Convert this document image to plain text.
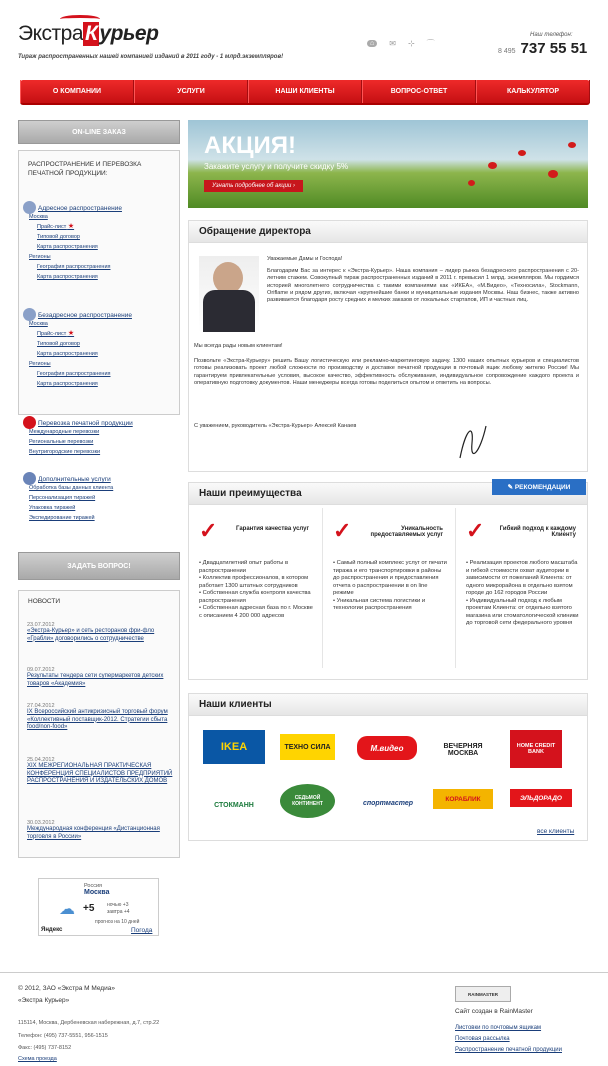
Экстра К урьер
Тираж распространенных нашей компанией изданий в 2011 году - 1 млрд.экземпляров!
⌂	✉ ⊹ ⌒
Наш телефон:
8 495 737 55 51
О КОМПАНИИ	УСЛУГИ	НАШИ КЛИЕНТЫ	ВОПРОС-ОТВЕТ	КАЛЬКУЛЯТОР
ON-LINE ЗАКАЗ
РАСПРОСТРАНЕНИЕ И ПЕРЕВОЗКА ПЕЧАТНОЙ ПРОДУКЦИИ:
Адресное распространение
Москва
Прайс-лист ★
Типовой договор
Карта распространения
Регионы
География распространения
Карта распространения
Безадресное распространение
Москва
Прайс-лист ★
Типовой договор
Карта распространения
Регионы
География распространения
Карта распространения
Перевозка печатной продукции
Международные перевозки
Региональные перевозки
Внутригородские перевозки
Дополнительные услуги
Обработка базы данных клиента
Персонализация тиражей
Упаковка тиражей
Экспедирование тиражей
ЗАДАТЬ ВОПРОС!
НОВОСТИ
23.07.2012
«Экстра-Курьер» и сеть ресторанов фри-фло «Грабли» договорились о сотрудничестве
09.07.2012
Результаты тендера сети супермаркетов детских товаров «Академия»
27.04.2012
IX Всероссийский антикризисный торговый форум «Коллективный поставщик-2012. Стратегии сбыта food/non-food»
25.04.2012
XIX МЕЖРЕГИОНАЛЬНАЯ ПРАКТИЧЕСКАЯ КОНФЕРЕНЦИЯ СПЕЦИАЛИСТОВ ПРЕДПРИЯТИЙ РАСПРОСТРАНЕНИЯ И ИЗДАТЕЛЬСКИХ ДОМОВ
30.03.2012
Международная конференция «Дистанционная торговля в России»
Россия
Москва
☁ +5	ночью +3
завтра +4
прогноз на 10 дней
Яндекс	Погода
АКЦИЯ!
Закажите услугу и получите скидку 5%
Узнать подробнее об акции ›
Обращение директора
Уважаемые Дамы и Господа!
Благодарим Вас за интерес к «Экстра-Курьер». Наша компания – лидер рынка безадресного распространения с 20-летним стажем. Совокупный тираж распространенных изданий в 2011 г. превысил 1 млрд. экземпляров. Мы гордимся историей многолетнего сотрудничества с такими компаниями как «ИКЕА», «М.Видео», «Техносила», Stockmann, Oriflame и рядом других, включая «крупнейшие банки и муниципальные издания Москвы. Наш бизнес, также активно развивается благодаря росту средних и мелких заказов от локальных стартапов, ИП и частных лиц.
Мы всегда рады новым клиентам!
Позвольте «Экстра-Курьеру» решить Вашу логистическую или рекламно-маркетинговую задачу. 1300 наших опытных курьеров и специалистов готовы реализовать проект любой сложности по производству и доставке печатной продукции в почтовый ящик любому жителю России! Мы гарантируем привлекательные условия, высокое качество, эффективность обслуживания, индивидуальное сопровождение каждого проекта и оперативную подготовку документов. Наши менеджеры всегда готовы поделиться опытом и ответить на вопросы.
С уважением, руководитель «Экстра-Курьер» Алексей Канаев
Наши преимущества
✎ РЕКОМЕНДАЦИИ
✓	Гарантия качества услуг
• Двадцатилетний опыт работы в распространении
• Коллектив профессионалов, в котором работает 1300 штатных сотрудников
• Собственная служба контроля качества распространения
• Собственная адресная база по г. Москве с описанием 4 200 000 адресов
✓	Уникальность предоставляемых услуг
• Самый полный комплекс услуг от печати тиража и его транспортировки в районы до распространения и предоставления отчета о распространении в on line режиме
• Уникальная система логистики и технологии распространения
✓	Гибкий подход к каждому Клиенту
• Реализация проектов любого масштаба и гибкой стоимости охват аудитории в зависимости от пожеланий Клиента: от одного микрорайона в отдельно взятом городе до 162 городов России
• Индивидуальный подход к любым проектам Клиента: от отдельно взятого магазина или стоматологической клиники до торговой сети федерального уровня
Наши клиенты
IKEA	ТЕХНО СИЛА	М.видео	ВЕЧЕРНЯЯ МОСКВА
HOME CREDIT BANK
СТОКМАНН
СЕДЬМОЙ КОНТИНЕНТ	спортмастер
КОРАБЛИК	ЭЛЬДОРАДО
все клиенты
© 2012, ЗАО «Экстра М Медиа»
«Экстра Курьер»
115114, Москва, Дербеневская набережная, д.7, стр.22
Телефон: (495) 737-5551, 956-1515
Факс: (495) 737-8152
Схема проезда
RAINMASTER
Сайт создан в RainMaster
Листовки по почтовым ящикам
Почтовая рассылка
Распространение печатной продукции
